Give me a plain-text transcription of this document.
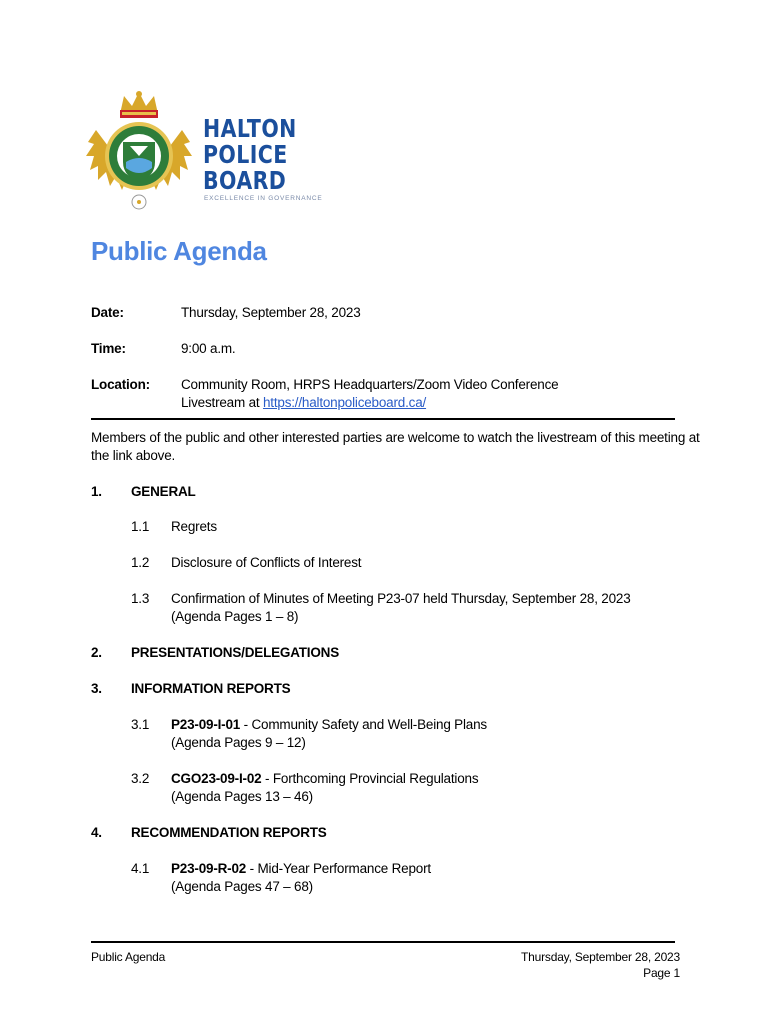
HALTON
POLICE
BOARD
EXCELLENCE IN GOVERNANCE
Public Agenda
Date:	Thursday, September 28, 2023
Time:	9:00 a.m.
Location: Community Room, HRPS Headquarters/Zoom Video Conference
Livestream at https://haltonpoliceboard.ca/
Members of the public and other interested parties are welcome to watch the livestream of this meeting at
the link above.
1. GENERAL
1.1 Regrets
1.2 Disclosure of Conflicts of Interest
1.3 Confirmation of Minutes of Meeting P23-07 held Thursday, September 28, 2023
(Agenda Pages 1 – 8)
2. PRESENTATIONS/DELEGATIONS
3. INFORMATION REPORTS
3.1 P23-09-I-01 - Community Safety and Well-Being Plans
(Agenda Pages 9 – 12)
3.2 CGO23-09-I-02 - Forthcoming Provincial Regulations
(Agenda Pages 13 – 46)
4. RECOMMENDATION REPORTS
4.1 P23-09-R-02 - Mid-Year Performance Report
(Agenda Pages 47 – 68)
Public Agenda	Thursday, September 28, 2023
Page 1
